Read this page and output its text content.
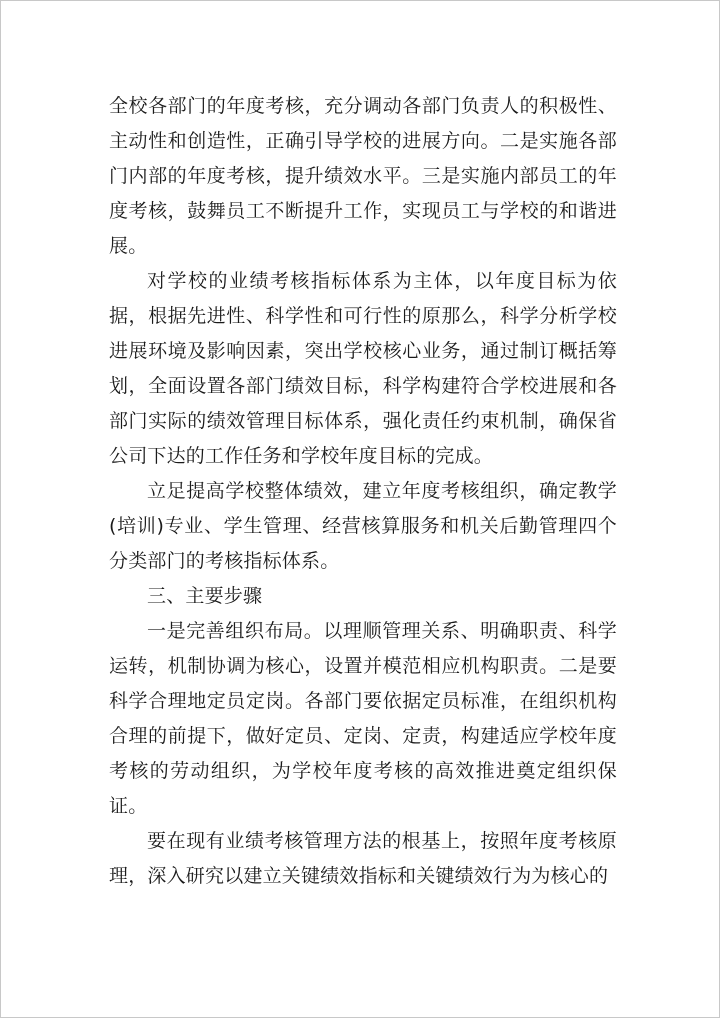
全校各部门的年度考核，充分调动各部门负责人的积极性、主动性和创造性，正确引导学校的进展方向。二是实施各部门内部的年度考核，提升绩效水平。三是实施内部员工的年度考核，鼓舞员工不断提升工作，实现员工与学校的和谐进展。

对学校的业绩考核指标体系为主体，以年度目标为依据，根据先进性、科学性和可行性的原那么，科学分析学校进展环境及影响因素，突出学校核心业务，通过制订概括筹划，全面设置各部门绩效目标，科学构建符合学校进展和各部门实际的绩效管理目标体系，强化责任约束机制，确保省公司下达的工作任务和学校年度目标的完成。

立足提高学校整体绩效，建立年度考核组织，确定教学(培训)专业、学生管理、经营核算服务和机关后勤管理四个分类部门的考核指标体系。

三、主要步骤

一是完善组织布局。以理顺管理关系、明确职责、科学运转，机制协调为核心，设置并模范相应机构职责。二是要科学合理地定员定岗。各部门要依据定员标准，在组织机构合理的前提下，做好定员、定岗、定责，构建适应学校年度考核的劳动组织，为学校年度考核的高效推进奠定组织保证。

要在现有业绩考核管理方法的根基上，按照年度考核原理，深入研究以建立关键绩效指标和关键绩效行为为核心的
